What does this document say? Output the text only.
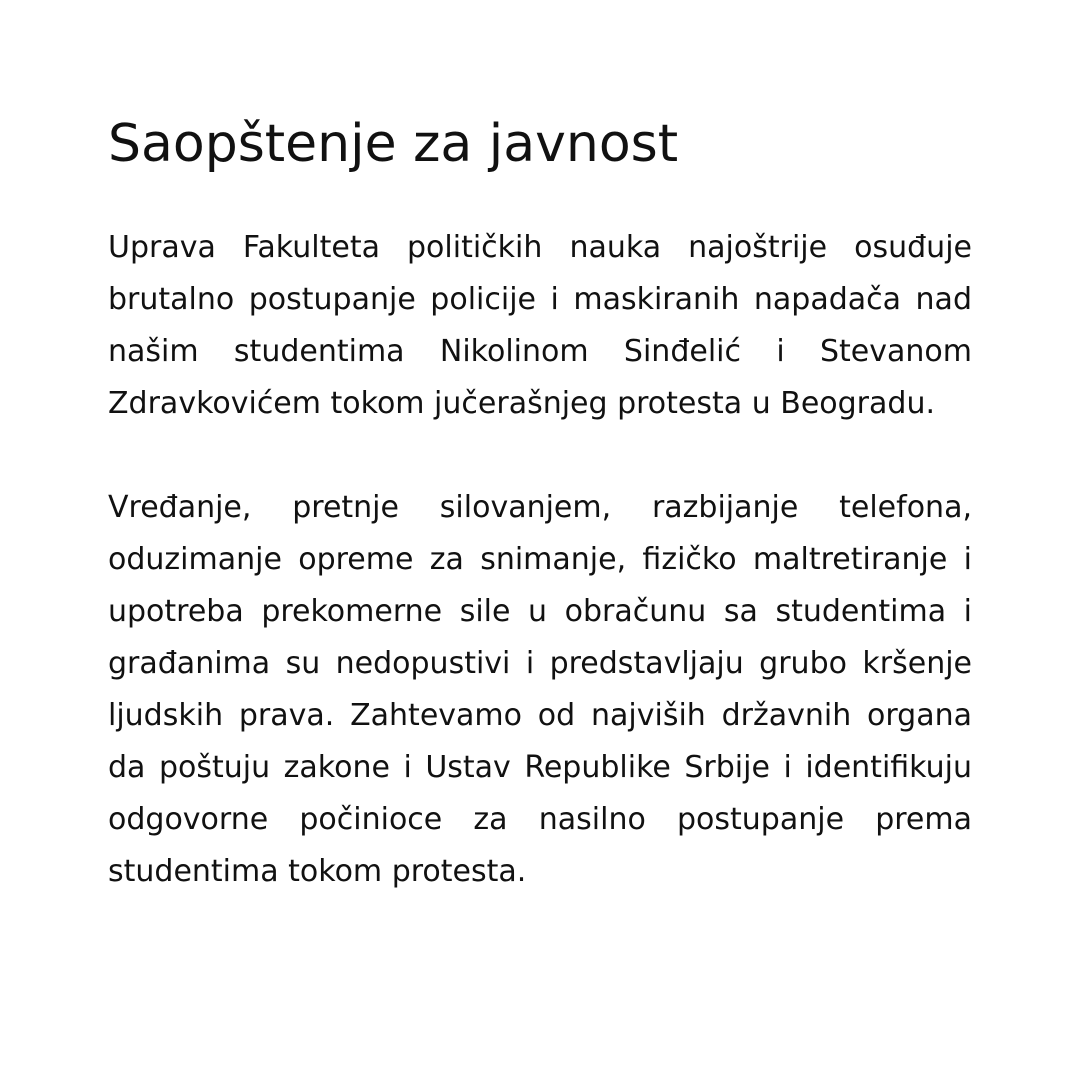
Saopštenje za javnost

Uprava Fakulteta političkih nauka najoštrije osuđuje brutalno postupanje policije i maskiranih napadača nad našim studentima Nikolinom Sinđelić i Stevanom Zdravkovićem tokom jučerašnjeg protesta u Beogradu.

Vređanje, pretnje silovanjem, razbijanje telefona, oduzimanje opreme za snimanje, fizičko maltretiranje i upotreba prekomerne sile u obračunu sa studentima i građanima su nedopustivi i predstavljaju grubo kršenje ljudskih prava. Zahtevamo od najviših državnih organa da poštuju zakone i Ustav Republike Srbije i identifikuju odgovorne počinioce za nasilno postupanje prema studentima tokom protesta.
